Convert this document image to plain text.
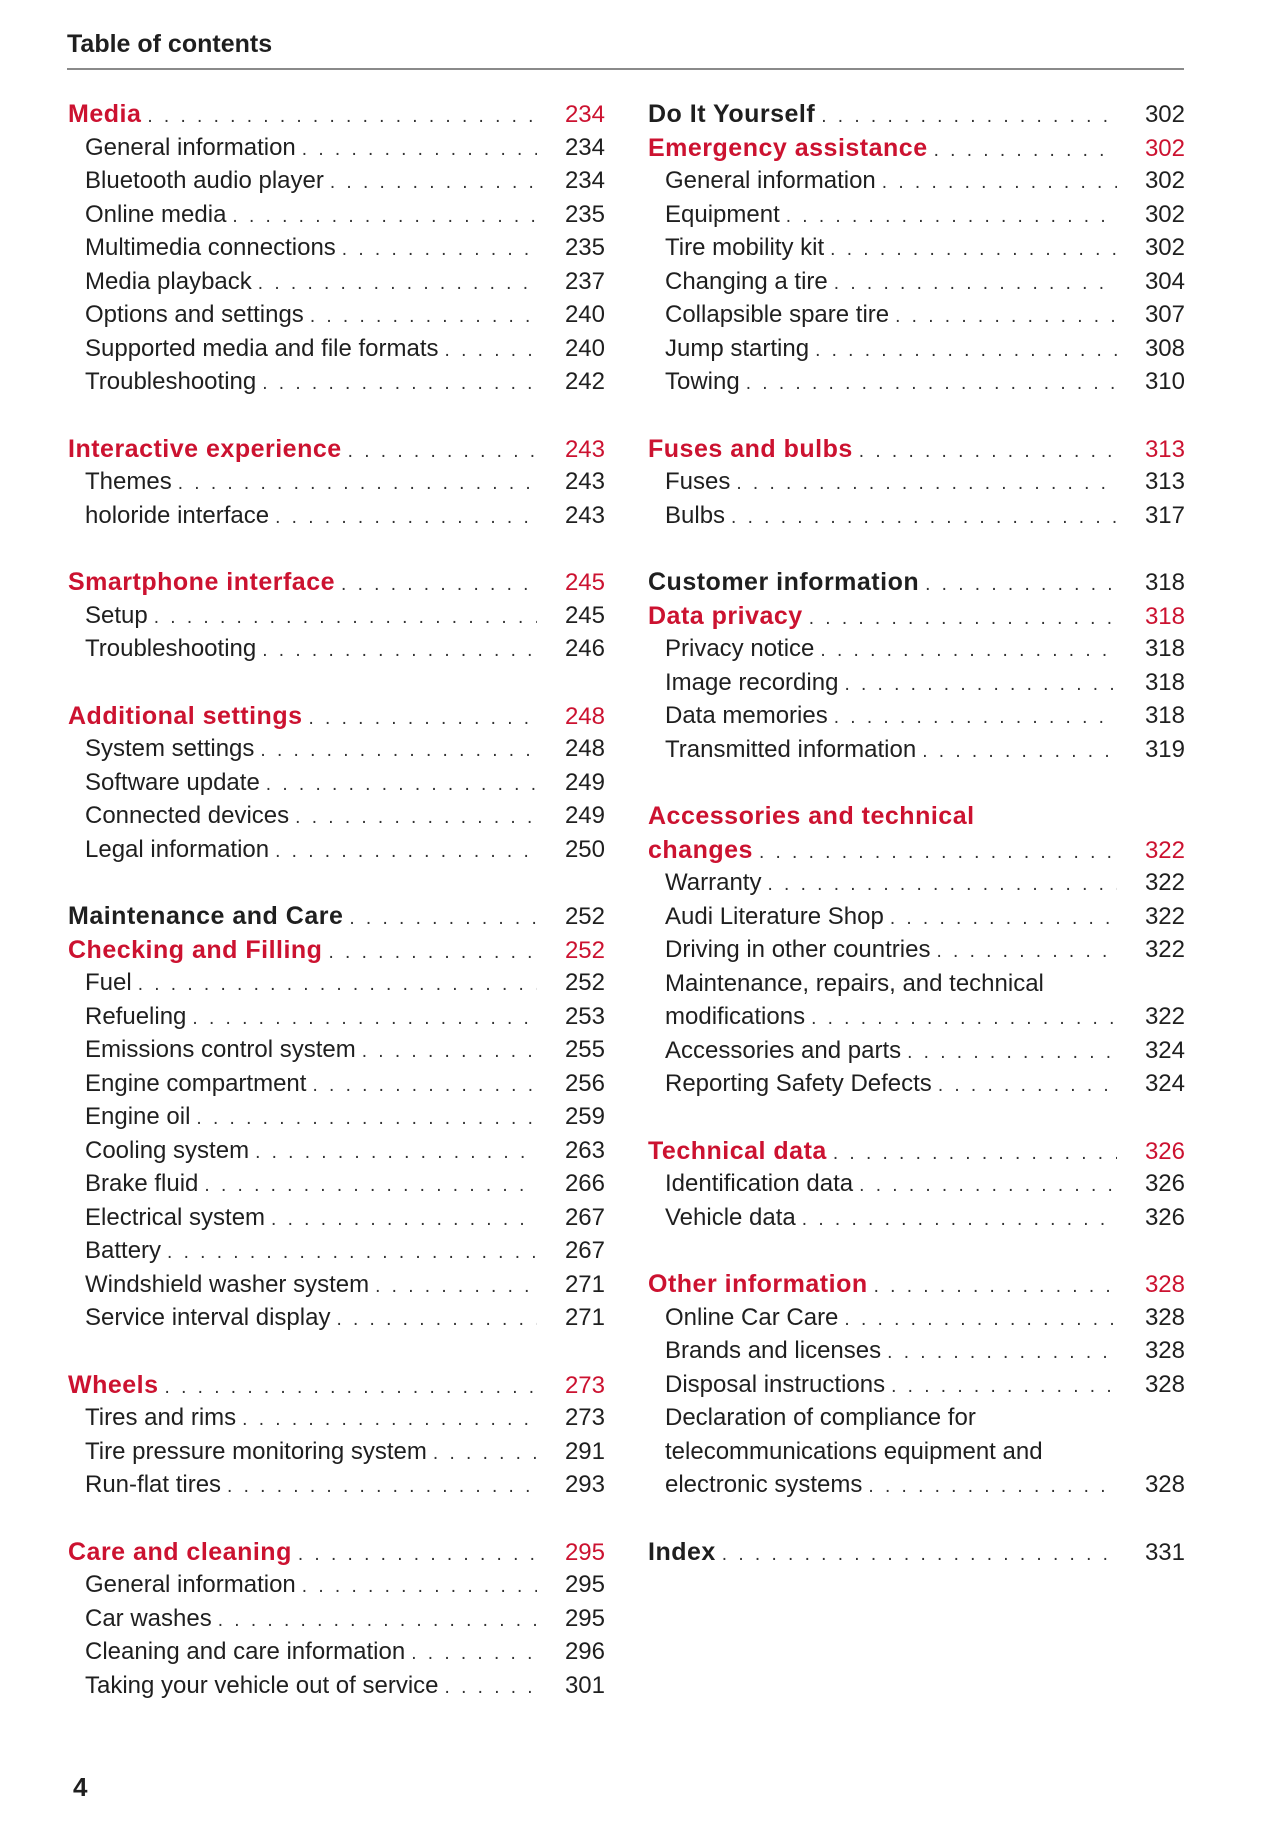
Table of contents
Media . . .	234
General information . . .	234
Bluetooth audio player . . .	234
Online media . . .	235
Multimedia connections . . .	235
Media playback . . .	237
Options and settings . . .	240
Supported media and file formats . . .	240
Troubleshooting . . .	242
Interactive experience . . .	243
Themes . . .	243
holoride interface . . .	243
Smartphone interface . . .	245
Setup . . .	245
Troubleshooting . . .	246
Additional settings . . .	248
System settings . . .	248
Software update . . .	249
Connected devices . . .	249
Legal information . . .	250
Maintenance and Care . . .	252
Checking and Filling . . .	252
Fuel . . .	252
Refueling . . .	253
Emissions control system . . .	255
Engine compartment . . .	256
Engine oil . . .	259
Cooling system . . .	263
Brake fluid . . .	266
Electrical system . . .	267
Battery . . .	267
Windshield washer system . . .	271
Service interval display . . .	271
Wheels . . .	273
Tires and rims . . .	273
Tire pressure monitoring system . . .	291
Run-flat tires . . .	293
Care and cleaning . . .	295
General information . . .	295
Car washes . . .	295
Cleaning and care information . . .	296
Taking your vehicle out of service . . .	301
Do It Yourself . . .	302
Emergency assistance . . .	302
General information . . .	302
Equipment . . .	302
Tire mobility kit . . .	302
Changing a tire . . .	304
Collapsible spare tire . . .	307
Jump starting . . .	308
Towing . . .	310
Fuses and bulbs . . .	313
Fuses . . .	313
Bulbs . . .	317
Customer information . . .	318
Data privacy . . .	318
Privacy notice . . .	318
Image recording . . .	318
Data memories . . .	318
Transmitted information . . .	319
Accessories and technical
changes . . .	322
Warranty . . .	322
Audi Literature Shop . . .	322
Driving in other countries . . .	322
Maintenance, repairs, and technical
modifications . . .	322
Accessories and parts . . .	324
Reporting Safety Defects . . .	324
Technical data . . .	326
Identification data . . .	326
Vehicle data . . .	326
Other information . . .	328
Online Car Care . . .	328
Brands and licenses . . .	328
Disposal instructions . . .	328
Declaration of compliance for
telecommunications equipment and
electronic systems . . .	328
Index . . .	331
4
